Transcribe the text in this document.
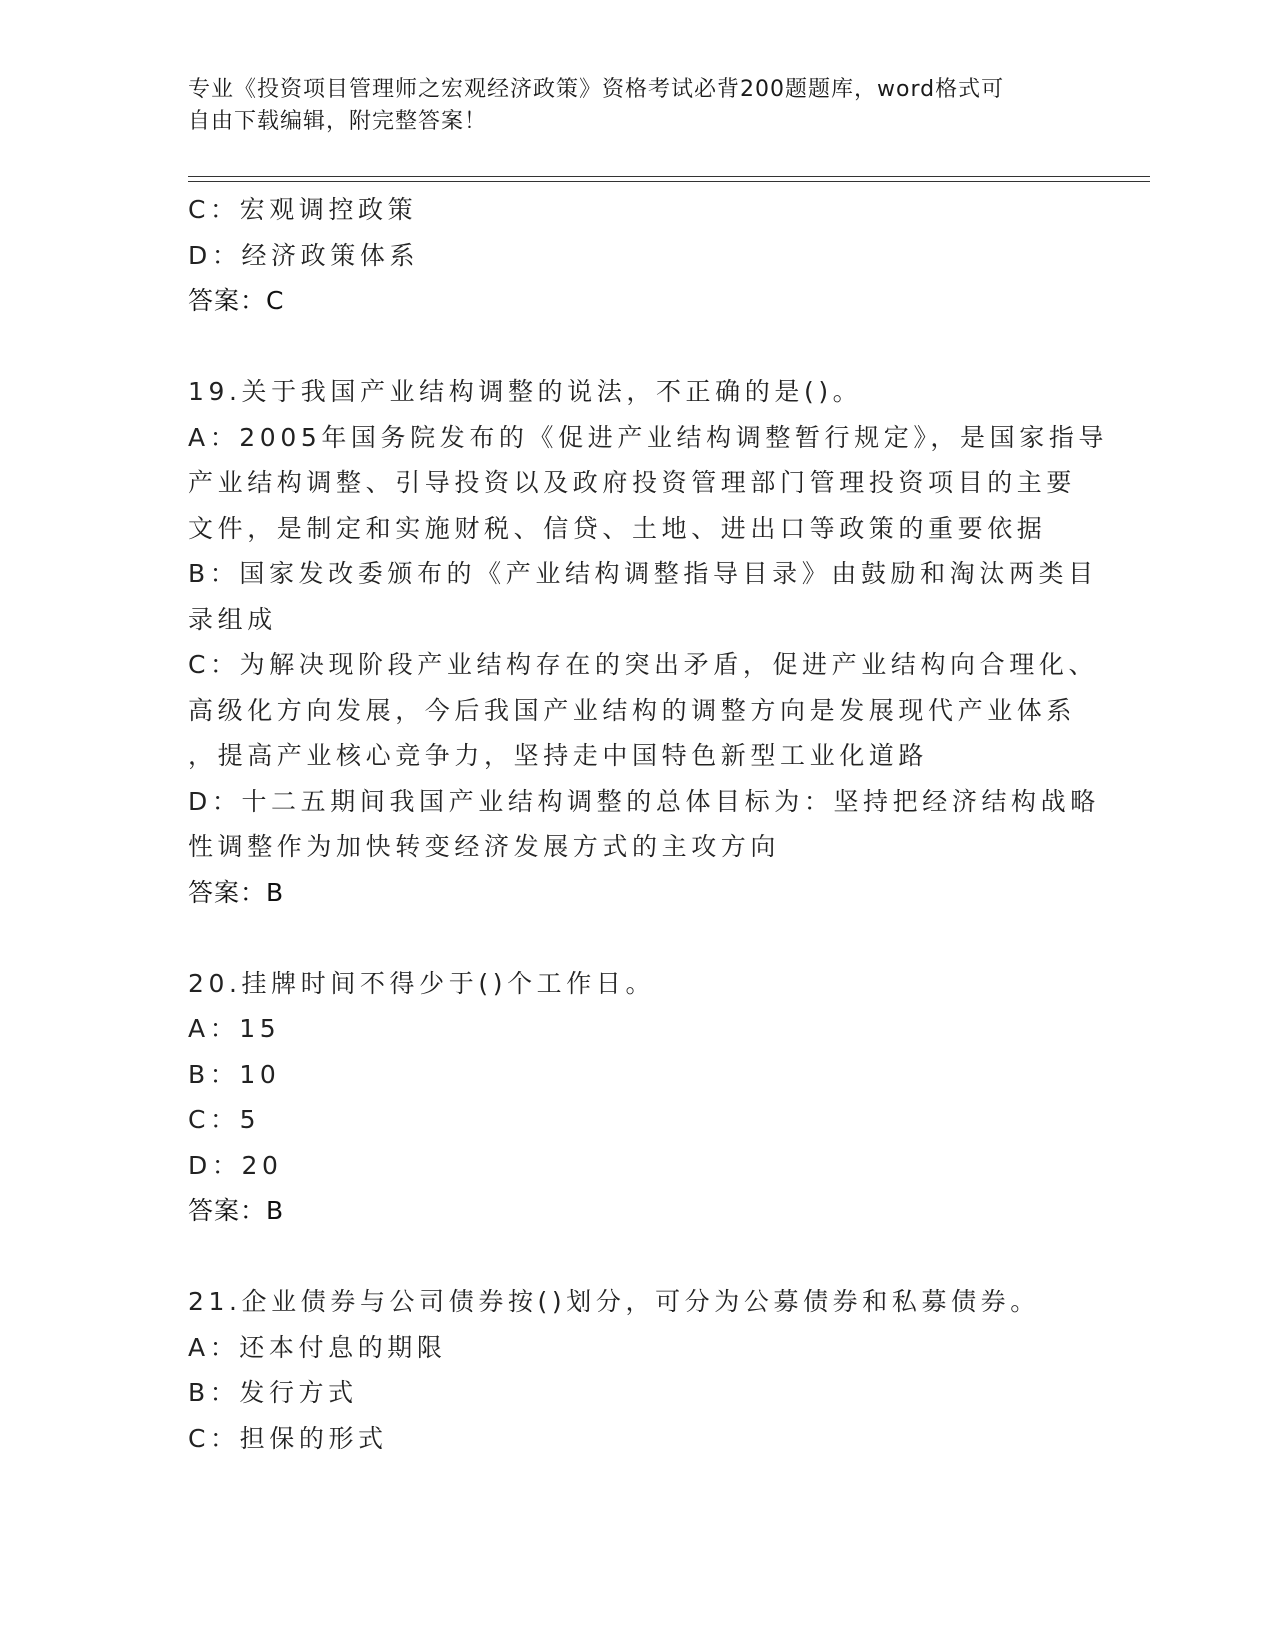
专业《投资项目管理师之宏观经济政策》资格考试必背200题题库，word格式可
自由下载编辑，附完整答案！
C：宏观调控政策
D：经济政策体系
答案：C
19.关于我国产业结构调整的说法，不正确的是()。
A：2005年国务院发布的《促进产业结构调整暂行规定》，是国家指导
产业结构调整、引导投资以及政府投资管理部门管理投资项目的主要
文件，是制定和实施财税、信贷、土地、进出口等政策的重要依据
B：国家发改委颁布的《产业结构调整指导目录》由鼓励和淘汰两类目
录组成
C：为解决现阶段产业结构存在的突出矛盾，促进产业结构向合理化、
高级化方向发展，今后我国产业结构的调整方向是发展现代产业体系
，提高产业核心竞争力，坚持走中国特色新型工业化道路
D：十二五期间我国产业结构调整的总体目标为：坚持把经济结构战略
性调整作为加快转变经济发展方式的主攻方向
答案：B
20.挂牌时间不得少于()个工作日。
A：15
B：10
C：5
D：20
答案：B
21.企业债券与公司债券按()划分，可分为公募债券和私募债券。
A：还本付息的期限
B：发行方式
C：担保的形式
